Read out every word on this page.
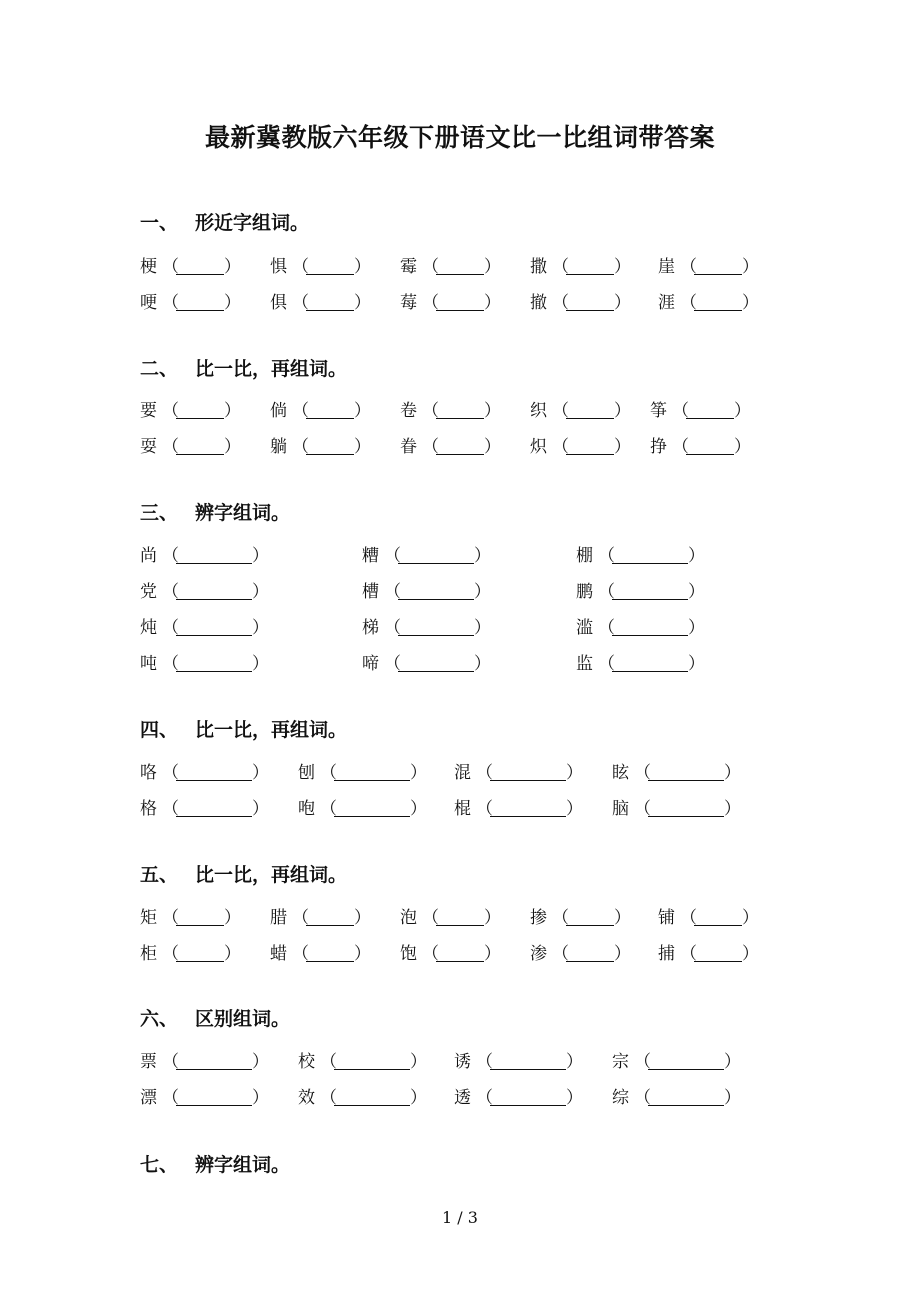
最新冀教版六年级下册语文比一比组词带答案
一、 形近字组词。
梗 （	） 惧 （	） 霉 （	） 撒 （	） 崖 （	）
哽 （	） 俱 （	） 莓 （	） 撤 （	） 涯 （	）
二、 比一比，再组词。
要 （	） 倘 （	） 卷 （	） 织 （	） 筝 （	）
耍 （	） 躺 （	） 眷 （	） 炽 （	） 挣 （	）
三、 辨字组词。
尚 （	）	糟 （	）	棚 （	）
党 （	）	槽 （	）	鹏 （	）
炖 （	）	梯 （	）	滥 （	）
吨 （	）	啼 （	）	监 （	）
四、 比一比，再组词。
咯 （	） 刨 （	） 混 （	） 眩 （	）
格 （	） 咆 （	） 棍 （	） 脑 （	）
五、 比一比，再组词。
矩 （	） 腊 （	） 泡 （	） 掺 （	） 铺 （	）
柜 （	） 蜡 （	） 饱 （	） 渗 （	） 捕 （	）
六、 区别组词。
票 （	） 校 （	） 诱 （	） 宗 （	）
漂 （	） 效 （	） 透 （	） 综 （	）
七、 辨字组词。
1 / 3
